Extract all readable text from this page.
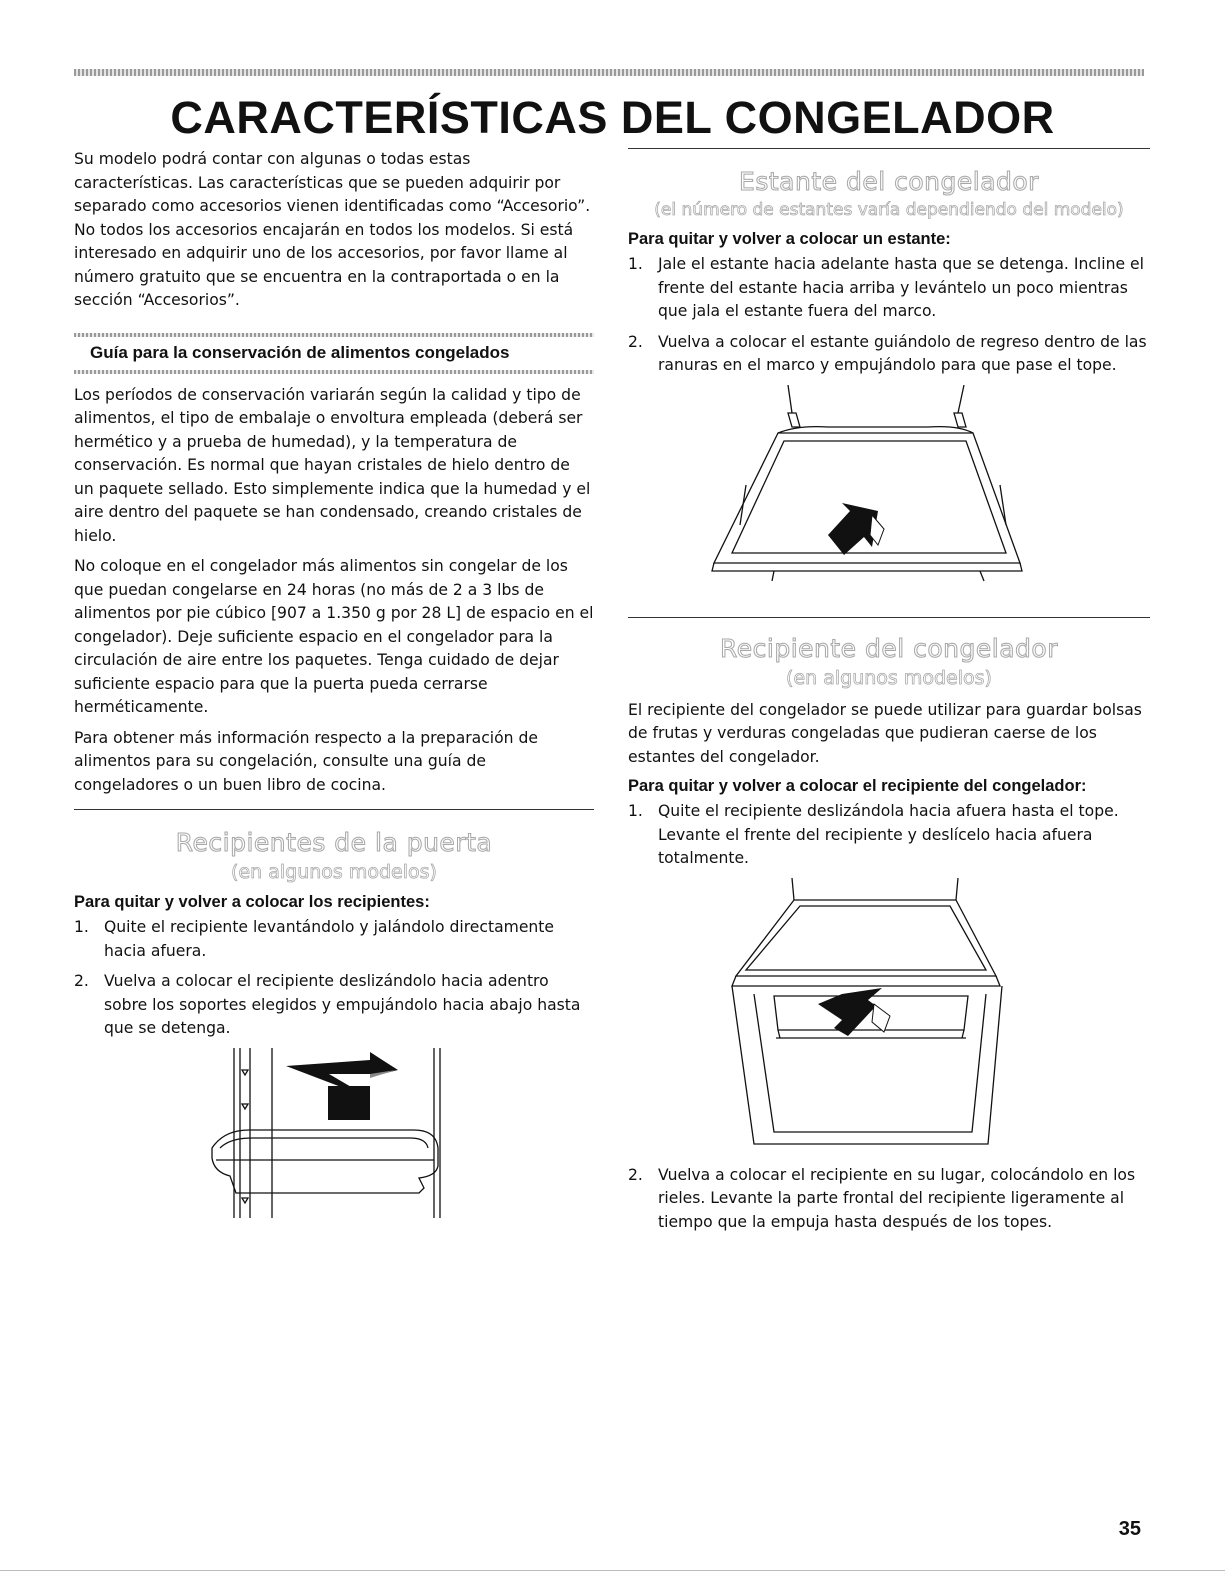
CARACTERÍSTICAS DEL CONGELADOR

Su modelo podrá contar con algunas o todas estas características. Las características que se pueden adquirir por separado como accesorios vienen identificadas como “Accesorio”. No todos los accesorios encajarán en todos los modelos. Si está interesado en adquirir uno de los accesorios, por favor llame al número gratuito que se encuentra en la contraportada o en la sección “Accesorios”.

Guía para la conservación de alimentos congelados

Los períodos de conservación variarán según la calidad y tipo de alimentos, el tipo de embalaje o envoltura empleada (deberá ser hermético y a prueba de humedad), y la temperatura de conservación. Es normal que hayan cristales de hielo dentro de un paquete sellado. Esto simplemente indica que la humedad y el aire dentro del paquete se han condensado, creando cristales de hielo.

No coloque en el congelador más alimentos sin congelar de los que puedan congelarse en 24 horas (no más de 2 a 3 lbs de alimentos por pie cúbico [907 a 1.350 g por 28 L] de espacio en el congelador). Deje suficiente espacio en el congelador para la circulación de aire entre los paquetes. Tenga cuidado de dejar suficiente espacio para que la puerta pueda cerrarse herméticamente.

Para obtener más información respecto a la preparación de alimentos para su congelación, consulte una guía de congeladores o un buen libro de cocina.

Recipientes de la puerta
(en algunos modelos)
Para quitar y volver a colocar los recipientes:
1. Quite el recipiente levantándolo y jalándolo directamente hacia afuera.
2. Vuelva a colocar el recipiente deslizándolo hacia adentro sobre los soportes elegidos y empujándolo hacia abajo hasta que se detenga.
Estante del congelador
(el número de estantes varía dependiendo del modelo)
Para quitar y volver a colocar un estante:
1. Jale el estante hacia adelante hasta que se detenga. Incline el frente del estante hacia arriba y levántelo un poco mientras que jala el estante fuera del marco.
2. Vuelva a colocar el estante guiándolo de regreso dentro de las ranuras en el marco y empujándolo para que pase el tope.
Recipiente del congelador
(en algunos modelos)

El recipiente del congelador se puede utilizar para guardar bolsas de frutas y verduras congeladas que pudieran caerse de los estantes del congelador.

Para quitar y volver a colocar el recipiente del congelador:
1. Quite el recipiente deslizándola hacia afuera hasta el tope. Levante el frente del recipiente y deslícelo hacia afuera totalmente.
2. Vuelva a colocar el recipiente en su lugar, colocándolo en los rieles. Levante la parte frontal del recipiente ligeramente al tiempo que la empuja hasta después de los topes.
35
